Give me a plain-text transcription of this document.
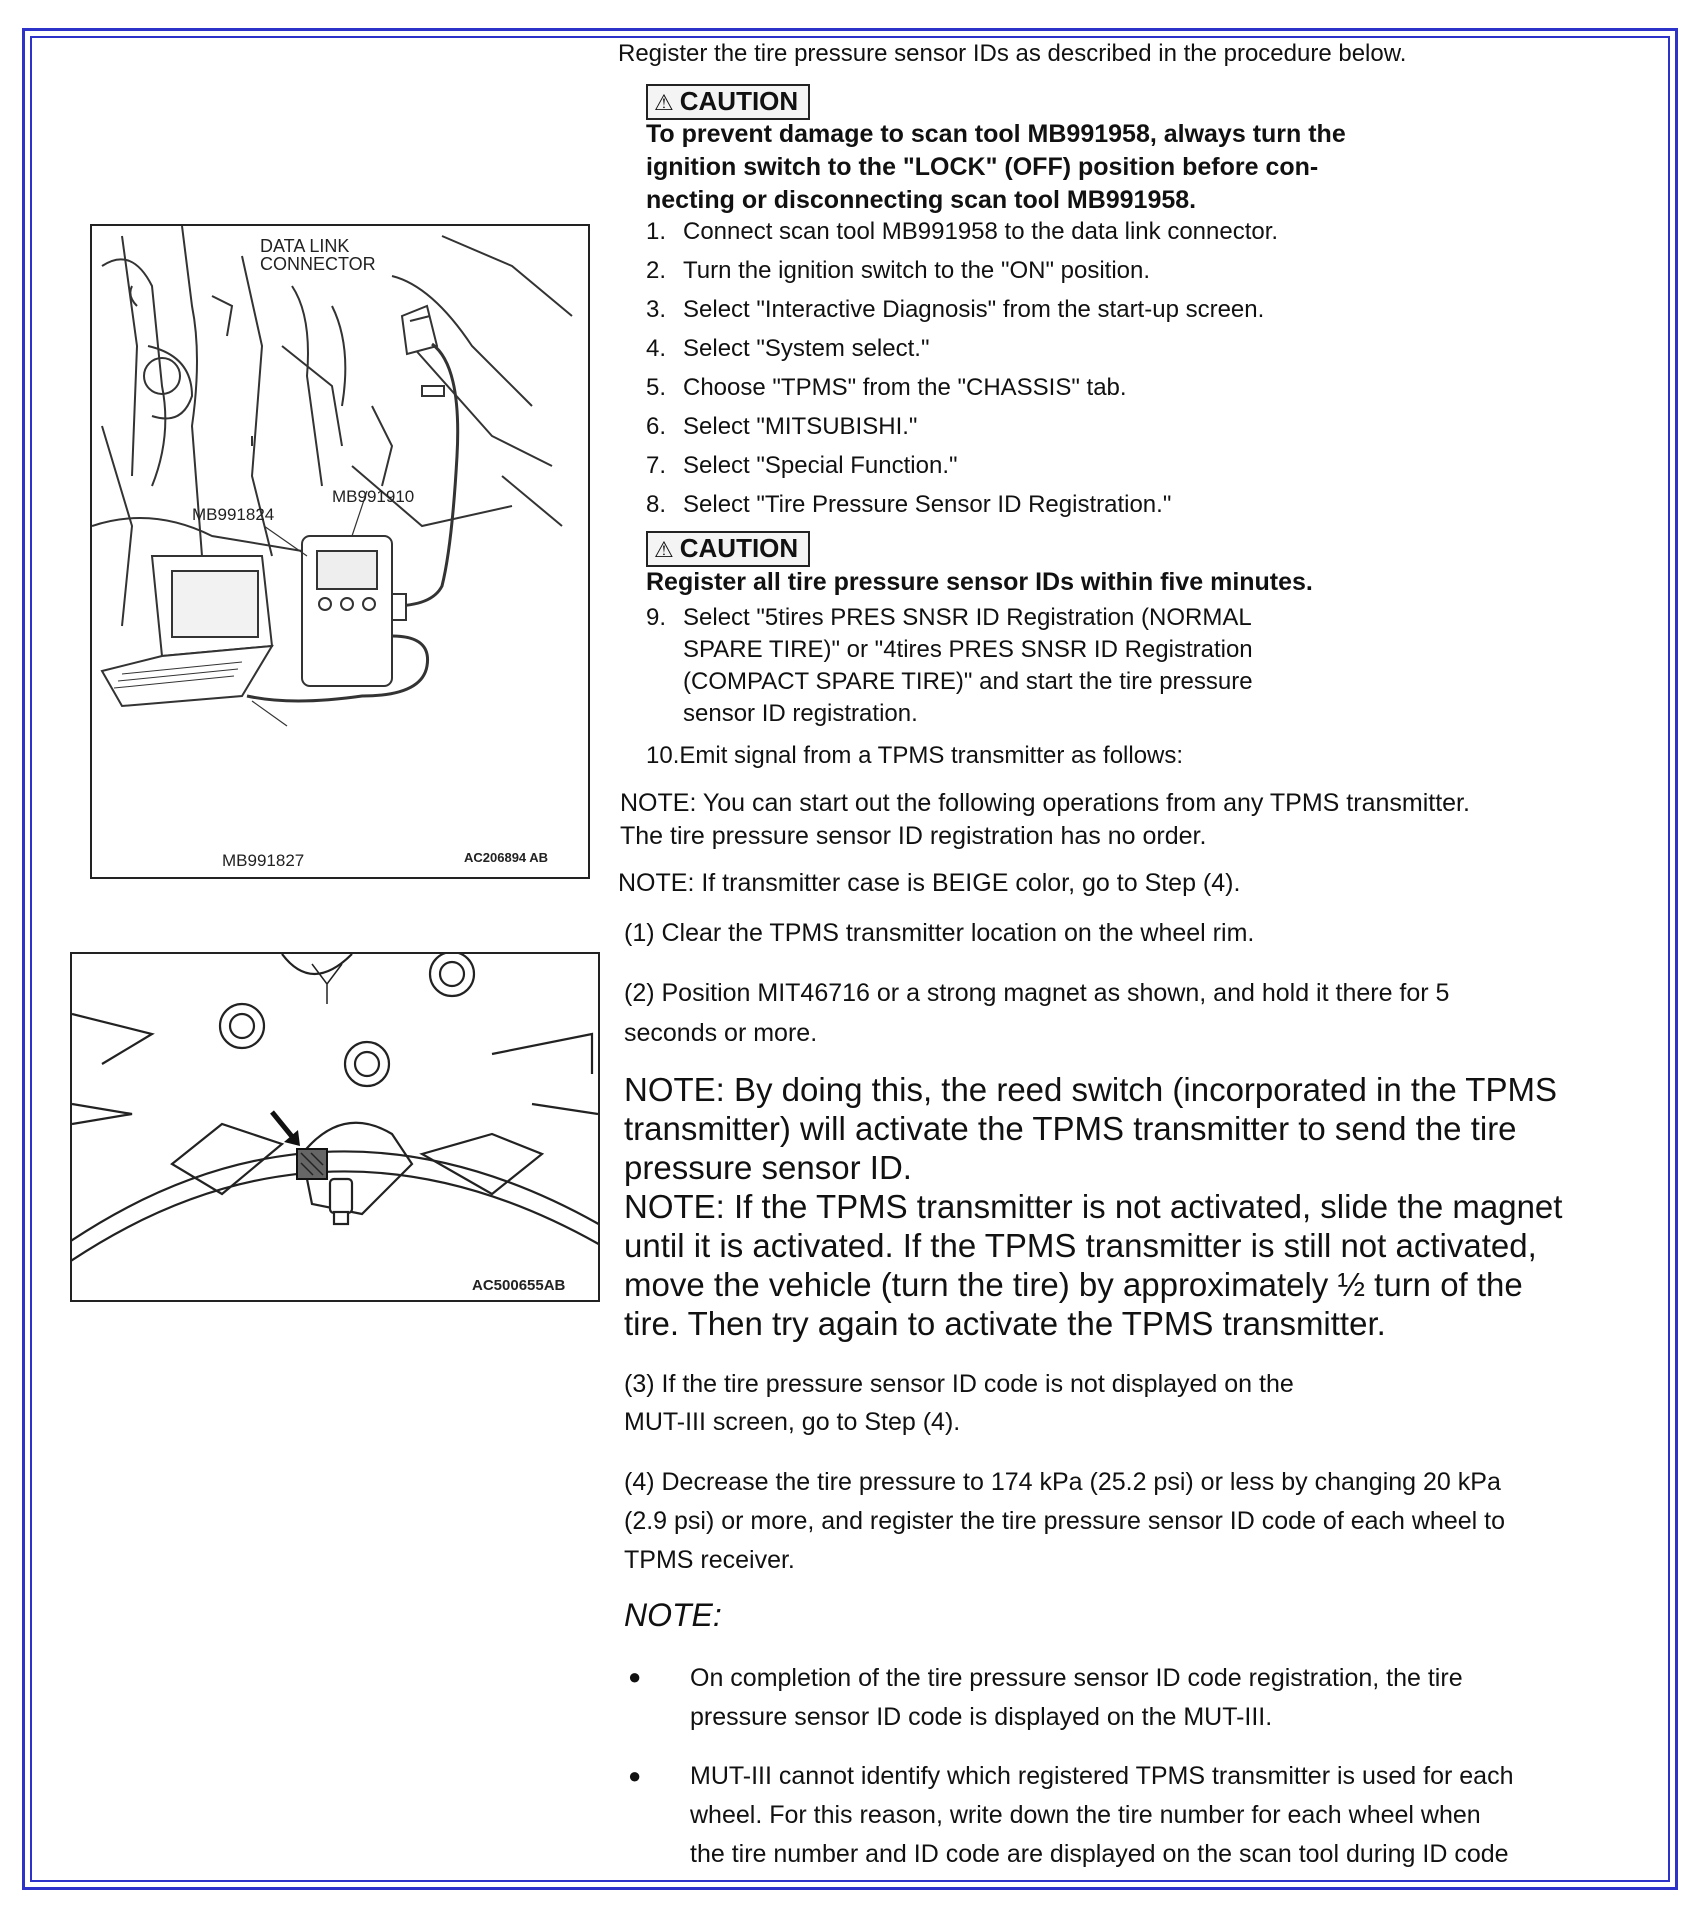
DATA LINK
CONNECTOR
MB991824
MB991910
MB991827	AC206894 AB
AC500655AB

Register the tire pressure sensor IDs as described in the procedure below.

⚠ CAUTION

To prevent damage to scan tool MB991958, always turn the

ignition switch to the "LOCK" (OFF) position before con-

necting or disconnecting scan tool MB991958.

1. Connect scan tool MB991958 to the data link connector.
2. Turn the ignition switch to the "ON" position.
3. Select "Interactive Diagnosis" from the start-up screen.
4. Select "System select."
5. Choose "TPMS" from the "CHASSIS" tab.
6. Select "MITSUBISHI."
7. Select "Special Function."
8. Select "Tire Pressure Sensor ID Registration."
⚠ CAUTION

Register all tire pressure sensor IDs within five minutes.

9. Select "5tires PRES SNSR ID Registration (NORMAL
SPARE TIRE)" or "4tires PRES SNSR ID Registration
(COMPACT SPARE TIRE)" and start the tire pressure
sensor ID registration.

10.Emit signal from a TPMS transmitter as follows:

NOTE: You can start out the following operations from any TPMS transmitter.

The tire pressure sensor ID registration has no order.

NOTE: If transmitter case is BEIGE color, go to Step (4).

(1) Clear the TPMS transmitter location on the wheel rim.

(2) Position MIT46716 or a strong magnet as shown, and hold it there for 5

seconds or more.

NOTE: By doing this, the reed switch (incorporated in the TPMS

transmitter) will activate the TPMS transmitter to send the tire

pressure sensor ID.

NOTE: If the TPMS transmitter is not activated, slide the magnet

until it is activated. If the TPMS transmitter is still not activated,

move the vehicle (turn the tire) by approximately ½ turn of the

tire. Then try again to activate the TPMS transmitter.

(3) If the tire pressure sensor ID code is not displayed on the

MUT-III screen, go to Step (4).

(4) Decrease the tire pressure to 174 kPa (25.2 psi) or less by changing 20 kPa

(2.9 psi) or more, and register the tire pressure sensor ID code of each wheel to

TPMS receiver.

NOTE:

● On completion of the tire pressure sensor ID code registration, the tire

pressure sensor ID code is displayed on the MUT-III.

● MUT-III cannot identify which registered TPMS transmitter is used for each

wheel. For this reason, write down the tire number for each wheel when

the tire number and ID code are displayed on the scan tool during ID code
